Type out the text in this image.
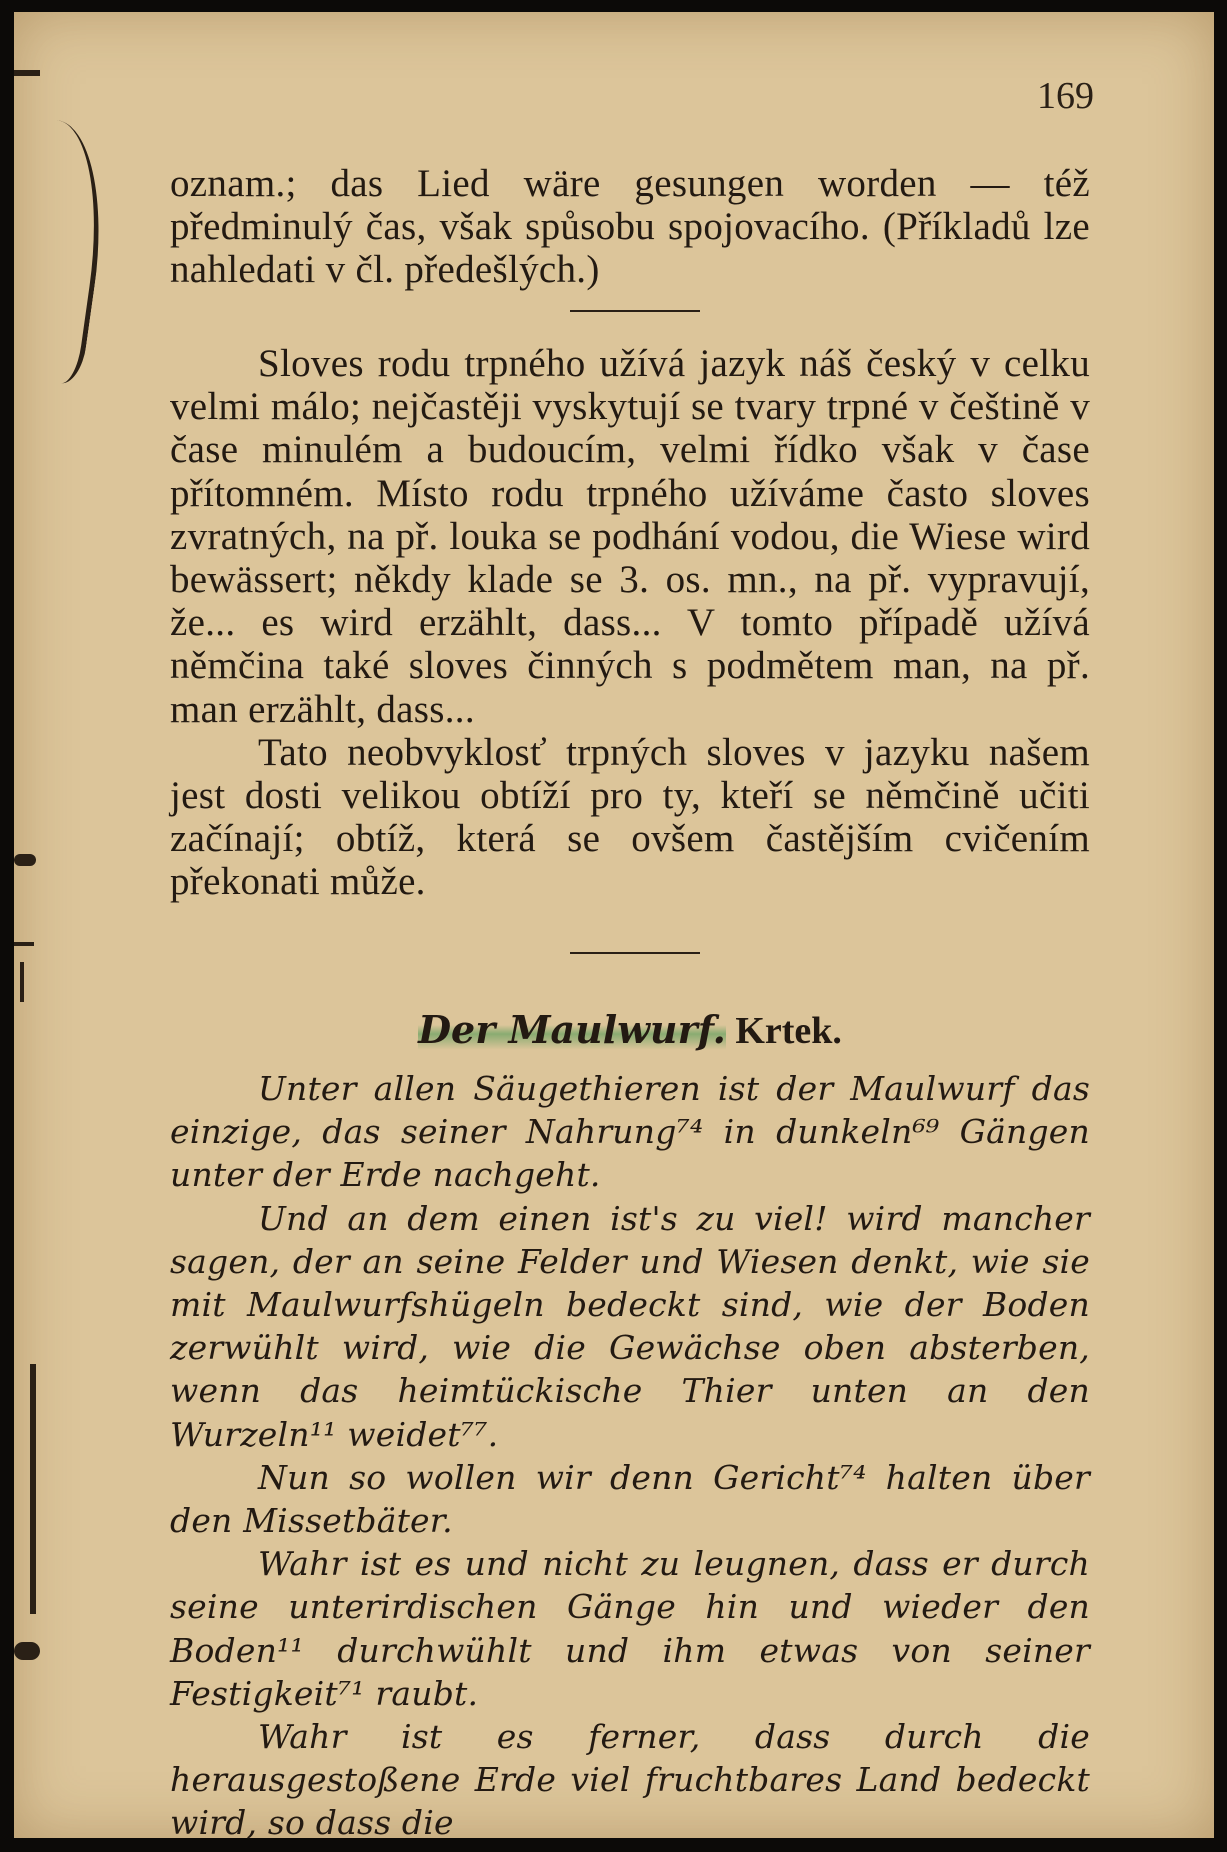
169

oznam.; das Lied wäre gesungen worden — též předminulý čas, však spůsobu spojovacího. (Příkladů lze nahledati v čl. předešlých.)

Sloves rodu trpného užívá jazyk náš český v celku velmi málo; nejčastěji vyskytují se tvary trpné v češtině v čase minulém a budoucím, velmi řídko však v čase přítomném. Místo rodu trpného užíváme často sloves zvratných, na př. louka se podhání vodou, die Wiese wird bewässert; někdy klade se 3. os. mn., na př. vypravují, že... es wird erzählt, dass... V tomto případě užívá němčina také sloves činných s podmětem man, na př. man erzählt, dass...

Tato neobvyklosť trpných sloves v jazyku našem jest dosti velikou obtíží pro ty, kteří se němčině učiti začínají; obtíž, která se ovšem častějším cvičením překonati může.

Der Maulwurf. Krtek.

Unter allen Säugethieren ist der Maulwurf das einzige, das seiner Nahrung⁷⁴ in dunkeln⁶⁹ Gängen unter der Erde nachgeht.

Und an dem einen ist's zu viel! wird mancher sagen, der an seine Felder und Wiesen denkt, wie sie mit Maulwurfshügeln bedeckt sind, wie der Boden zerwühlt wird, wie die Gewächse oben absterben, wenn das heimtückische Thier unten an den Wurzeln¹¹ weidet⁷⁷.

Nun so wollen wir denn Gericht⁷⁴ halten über den Missetbäter.

Wahr ist es und nicht zu leugnen, dass er durch seine unterirdischen Gänge hin und wieder den Boden¹¹ durchwühlt und ihm etwas von seiner Festigkeit⁷¹ raubt.

Wahr ist es ferner, dass durch die herausgestoßene Erde viel fruchtbares Land bedeckt wird, so dass die
